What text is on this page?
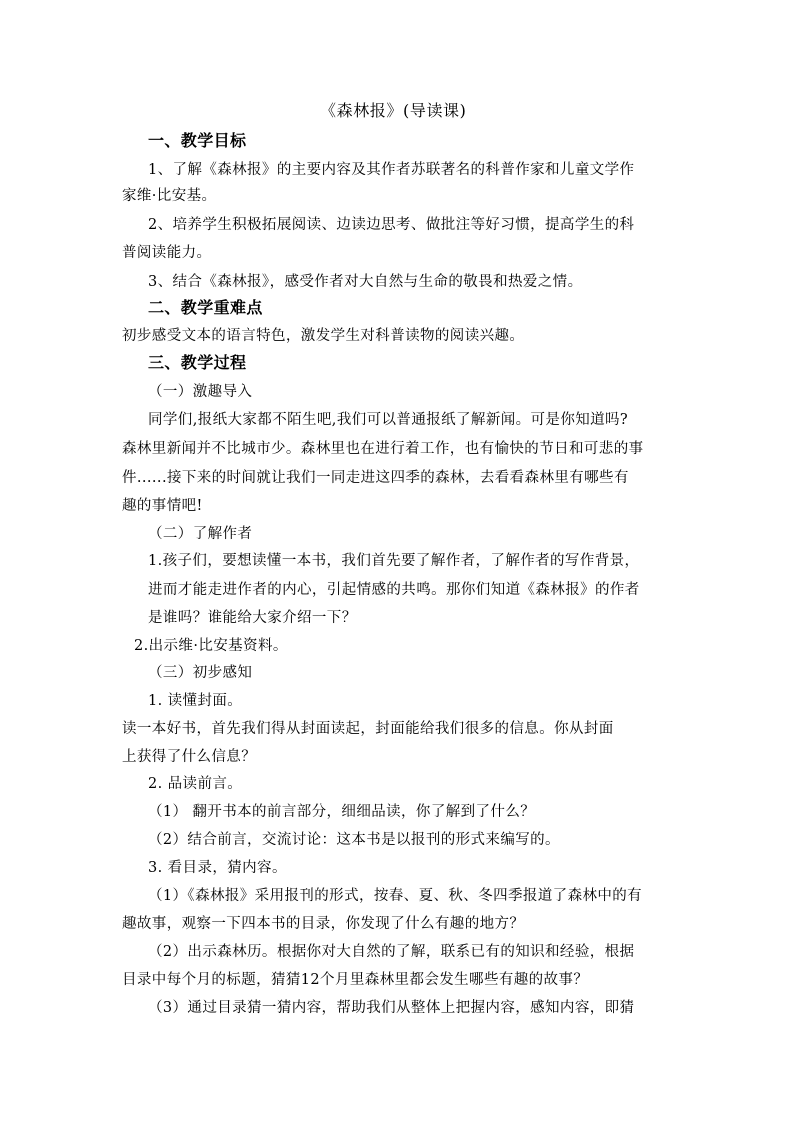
《森林报》(导读课)
一、教学目标
1、了解《森林报》的主要内容及其作者苏联著名的科普作家和儿童文学作
家维·比安基。
2、培养学生积极拓展阅读、边读边思考、做批注等好习惯，提高学生的科
普阅读能力。
3、结合《森林报》，感受作者对大自然与生命的敬畏和热爱之情。
二、教学重难点
初步感受文本的语言特色，激发学生对科普读物的阅读兴趣。
三、教学过程
（一）激趣导入
同学们,报纸大家都不陌生吧,我们可以普通报纸了解新闻。可是你知道吗?
森林里新闻并不比城市少。森林里也在进行着工作，也有愉快的节日和可悲的事
件......接下来的时间就让我们一同走进这四季的森林，去看看森林里有哪些有
趣的事情吧!
（二）了解作者
1.孩子们，要想读懂一本书，我们首先要了解作者，了解作者的写作背景，
进而才能走进作者的内心，引起情感的共鸣。那你们知道《森林报》的作者
是谁吗？谁能给大家介绍一下？
2.出示维·比安基资料。
（三）初步感知
1. 读懂封面。
读一本好书，首先我们得从封面读起，封面能给我们很多的信息。你从封面
上获得了什么信息？
2. 品读前言。
（1） 翻开书本的前言部分，细细品读，你了解到了什么？
（2）结合前言，交流讨论：这本书是以报刊的形式来编写的。
3. 看目录，猜内容。
（1）《森林报》采用报刊的形式，按春、夏、秋、冬四季报道了森林中的有
趣故事，观察一下四本书的目录，你发现了什么有趣的地方？
（2）出示森林历。根据你对大自然的了解，联系已有的知识和经验，根据
目录中每个月的标题，猜猜12个月里森林里都会发生哪些有趣的故事？
（3）通过目录猜一猜内容，帮助我们从整体上把握内容，感知内容，即猜
